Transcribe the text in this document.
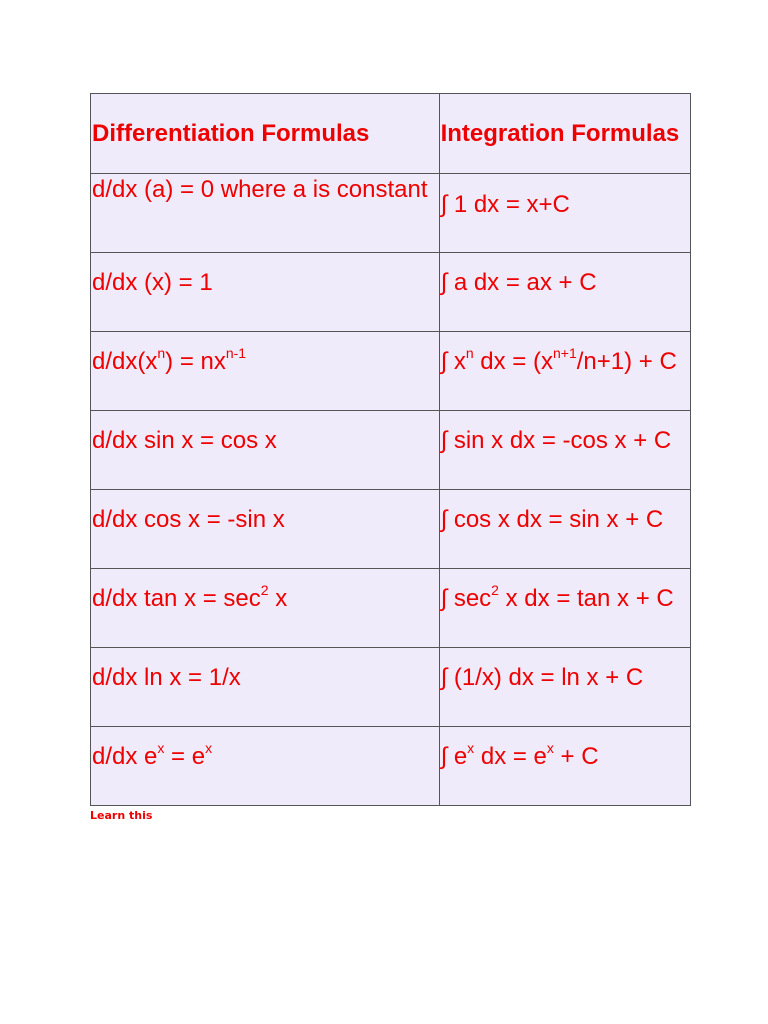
Differentiation Formulas	Integration Formulas
d/dx (a) = 0 where a is constant	∫ 1 dx = x+C
d/dx (x) = 1	∫ a dx = ax + C
$d/dx(x^n) = nx^{n-1}$	∫ $x^n$ dx = $(x^{n+1}/n+1) + C$
d/dx sin x = cos x	∫ sin x dx = -cos x + C
d/dx cos x = -sin x	∫ cos x dx = sin x + C
d/dx $\tan x = \sec^2 x$	∫ $\sec^2 x$ dx = tan x + C
d/dx ln x = 1/x	∫ (1/x) dx = ln x + C
d/dx $e^x = e^x$	∫ $e^x$ dx = $e^x + C$
Learn this
